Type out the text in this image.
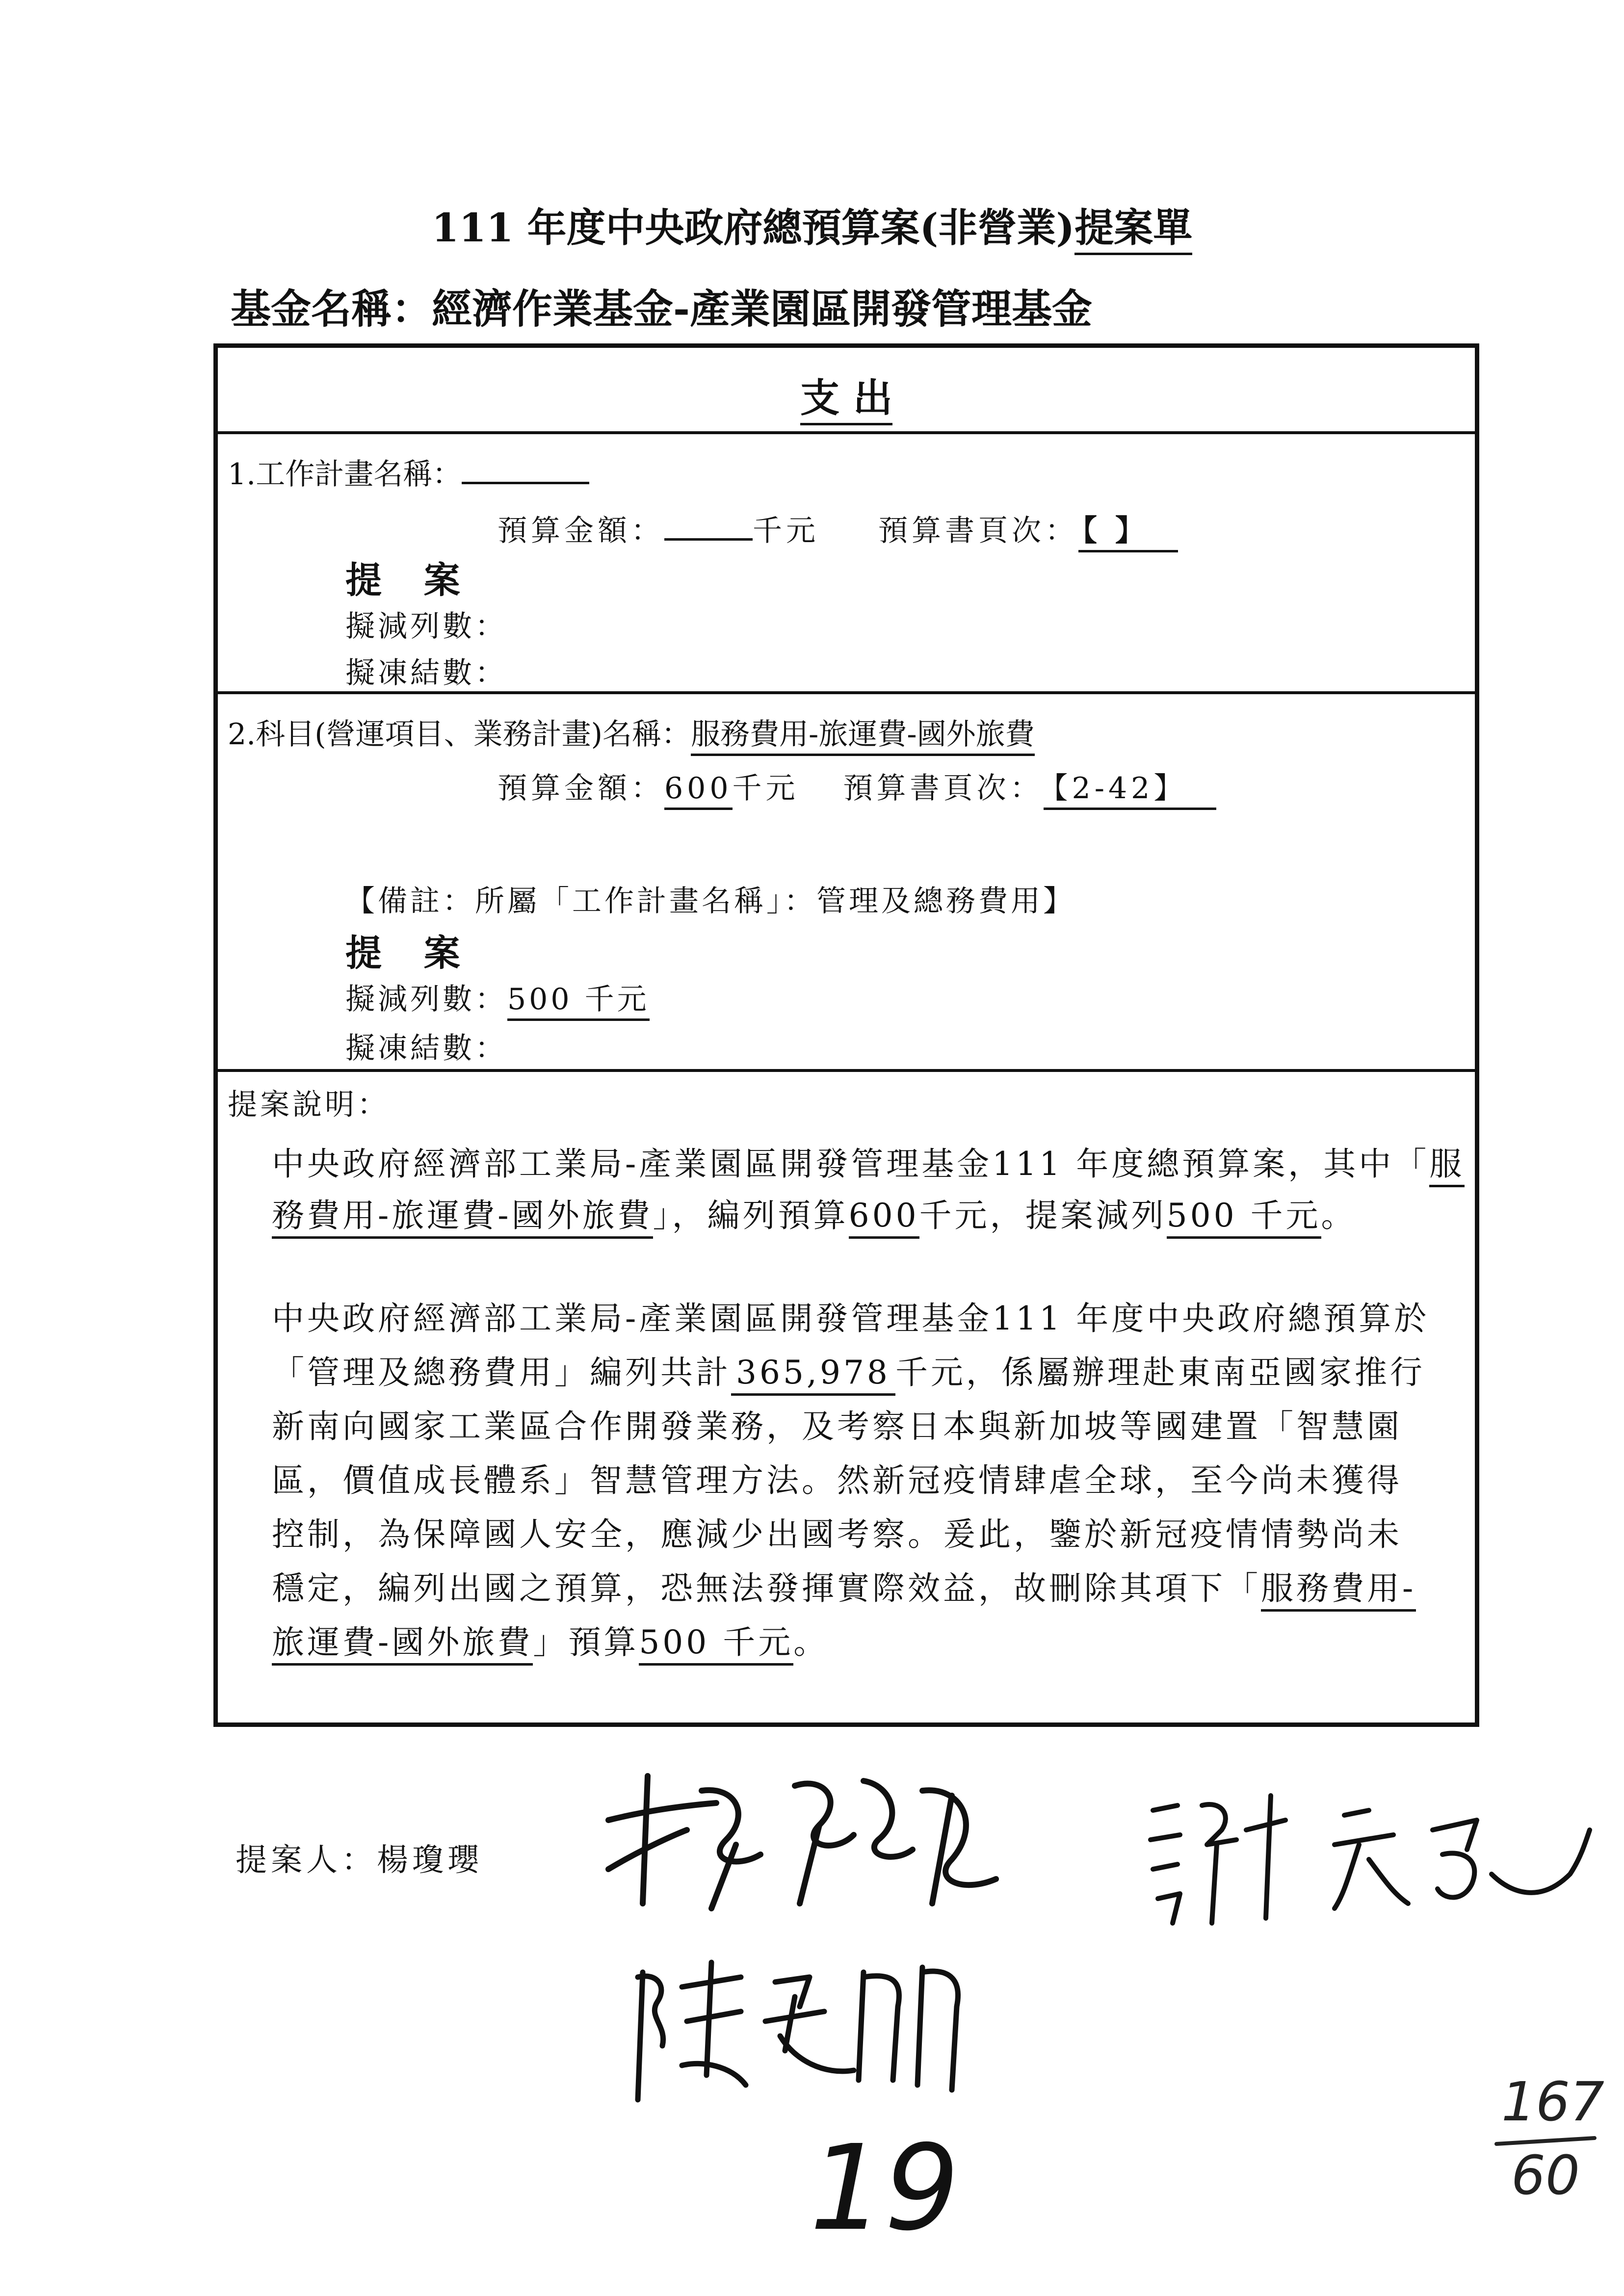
111 年度中央政府總預算案(非營業)提案單
基金名稱：經濟作業基金-產業園區開發管理基金
支 出
1.工作計畫名稱：
預算金額：	千元 預算書頁次： 【 】
提 案
擬減列數：
擬凍結數：
2.科目(營運項目、業務計畫)名稱：服務費用-旅運費-國外旅費
預算金額：600千元 預算書頁次： 【2-42】
【備註：所屬「工作計畫名稱」：管理及總務費用】
提 案
擬減列數：500 千元
擬凍結數：
提案說明：
中央政府經濟部工業局-產業園區開發管理基金111 年度總預算案，其中「服
務費用-旅運費-國外旅費」，編列預算600千元，提案減列500 千元。
中央政府經濟部工業局-產業園區開發管理基金111 年度中央政府總預算於
「管理及總務費用」編列共計 365,978 千元，係屬辦理赴東南亞國家推行
新南向國家工業區合作開發業務，及考察日本與新加坡等國建置「智慧園
區，價值成長體系」智慧管理方法。然新冠疫情肆虐全球，至今尚未獲得
控制，為保障國人安全，應減少出國考察。爰此，鑒於新冠疫情情勢尚未
穩定，編列出國之預算，恐無法發揮實際效益，故刪除其項下「服務費用-
旅運費-國外旅費」預算500 千元。
提案人：楊瓊瓔
19
167
60
